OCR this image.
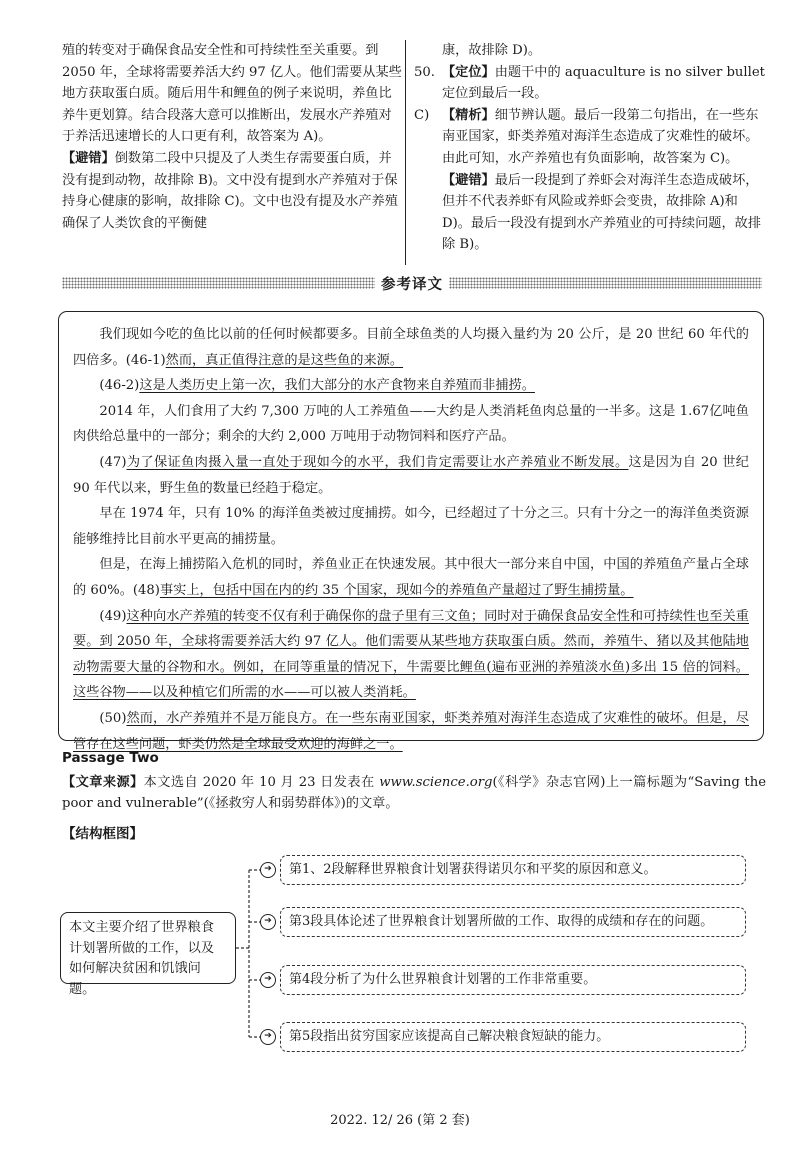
殖的转变对于确保食品安全性和可持续性至关重要。到 2050 年，全球将需要养活大约 97 亿人。他们需要从某些地方获取蛋白质。随后用牛和鲤鱼的例子来说明，养鱼比养牛更划算。结合段落大意可以推断出，发展水产养殖对于养活迅速增长的人口更有利，故答案为 A)。

【避错】倒数第二段中只提及了人类生存需要蛋白质，并没有提到动物，故排除 B)。文中没有提到水产养殖对于保持身心健康的影响，故排除 C)。文中也没有提及水产养殖确保了人类饮食的平衡健

康，故排除 D)。
50. 【定位】由题干中的 aquaculture is no silver bullet 定位到最后一段。
C) 【精析】细节辨认题。最后一段第二句指出，在一些东南亚国家，虾类养殖对海洋生态造成了灾难性的破坏。由此可知，水产养殖也有负面影响，故答案为 C)。
【避错】最后一段提到了养虾会对海洋生态造成破坏，但并不代表养虾有风险或养虾会变贵，故排除 A)和 D)。最后一段没有提到水产养殖业的可持续问题，故排除 B)。
参考译文

我们现如今吃的鱼比以前的任何时候都要多。目前全球鱼类的人均摄入量约为 20 公斤，是 20 世纪 60 年代的四倍多。(46-1)然而，真正值得注意的是这些鱼的来源。

(46-2)这是人类历史上第一次，我们大部分的水产食物来自养殖而非捕捞。

2014 年，人们食用了大约 7,300 万吨的人工养殖鱼——大约是人类消耗鱼肉总量的一半多。这是 1.67亿吨鱼肉供给总量中的一部分；剩余的大约 2,000 万吨用于动物饲料和医疗产品。

(47)为了保证鱼肉摄入量一直处于现如今的水平，我们肯定需要让水产养殖业不断发展。这是因为自 20 世纪 90 年代以来，野生鱼的数量已经趋于稳定。

早在 1974 年，只有 10% 的海洋鱼类被过度捕捞。如今，已经超过了十分之三。只有十分之一的海洋鱼类资源能够维持比目前水平更高的捕捞量。

但是，在海上捕捞陷入危机的同时，养鱼业正在快速发展。其中很大一部分来自中国，中国的养殖鱼产量占全球的 60%。(48)事实上，包括中国在内的约 35 个国家，现如今的养殖鱼产量超过了野生捕捞量。

(49)这种向水产养殖的转变不仅有利于确保你的盘子里有三文鱼；同时对于确保食品安全性和可持续性也至关重要。到 2050 年，全球将需要养活大约 97 亿人。他们需要从某些地方获取蛋白质。然而，养殖牛、猪以及其他陆地动物需要大量的谷物和水。例如，在同等重量的情况下，牛需要比鲤鱼(遍布亚洲的养殖淡水鱼)多出 15 倍的饲料。这些谷物——以及种植它们所需的水——可以被人类消耗。

(50)然而，水产养殖并不是万能良方。在一些东南亚国家，虾类养殖对海洋生态造成了灾难性的破坏。但是，尽管存在这些问题，虾类仍然是全球最受欢迎的海鲜之一。

Passage Two
【文章来源】本文选自 2020 年 10 月 23 日发表在 www.science.org(《科学》杂志官网)上一篇标题为“Saving the poor and vulnerable”(《拯救穷人和弱势群体》)的文章。
【结构框图】
本文主要介绍了世界粮食计划署所做的工作，以及如何解决贫困和饥饿问题。
➔	第1、2段解释世界粮食计划署获得诺贝尔和平奖的原因和意义。
➔	第3段具体论述了世界粮食计划署所做的工作、取得的成绩和存在的问题。
➔	第4段分析了为什么世界粮食计划署的工作非常重要。
➔	第5段指出贫穷国家应该提高自己解决粮食短缺的能力。
2022. 12/ 26 (第 2 套)
